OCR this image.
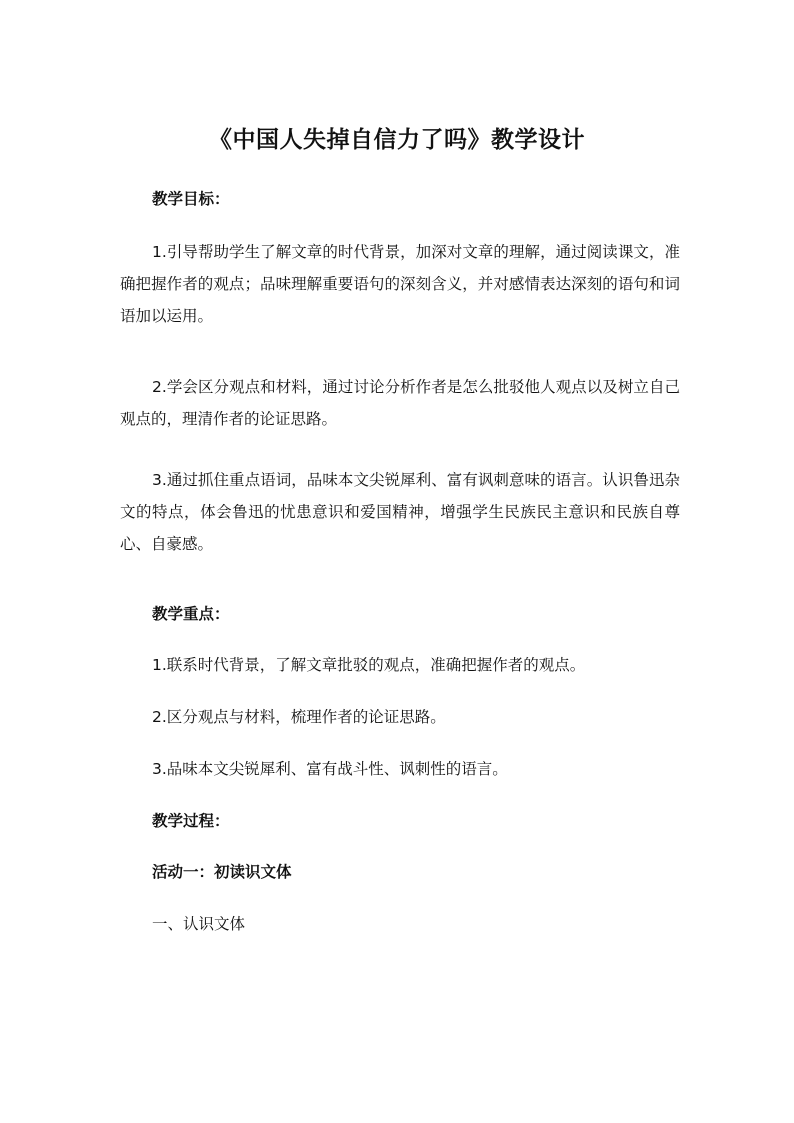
《中国人失掉自信力了吗》教学设计
教学目标：
1.引导帮助学生了解文章的时代背景，加深对文章的理解，通过阅读课文，准确把握作者的观点；品味理解重要语句的深刻含义，并对感情表达深刻的语句和词语加以运用。
2.学会区分观点和材料，通过讨论分析作者是怎么批驳他人观点以及树立自己观点的，理清作者的论证思路。
3.通过抓住重点语词，品味本文尖锐犀利、富有讽刺意味的语言。认识鲁迅杂文的特点，体会鲁迅的忧患意识和爱国精神，增强学生民族民主意识和民族自尊心、自豪感。
教学重点：
1.联系时代背景，了解文章批驳的观点，准确把握作者的观点。
2.区分观点与材料，梳理作者的论证思路。
3.品味本文尖锐犀利、富有战斗性、讽刺性的语言。
教学过程：
活动一：初读识文体
一、认识文体
